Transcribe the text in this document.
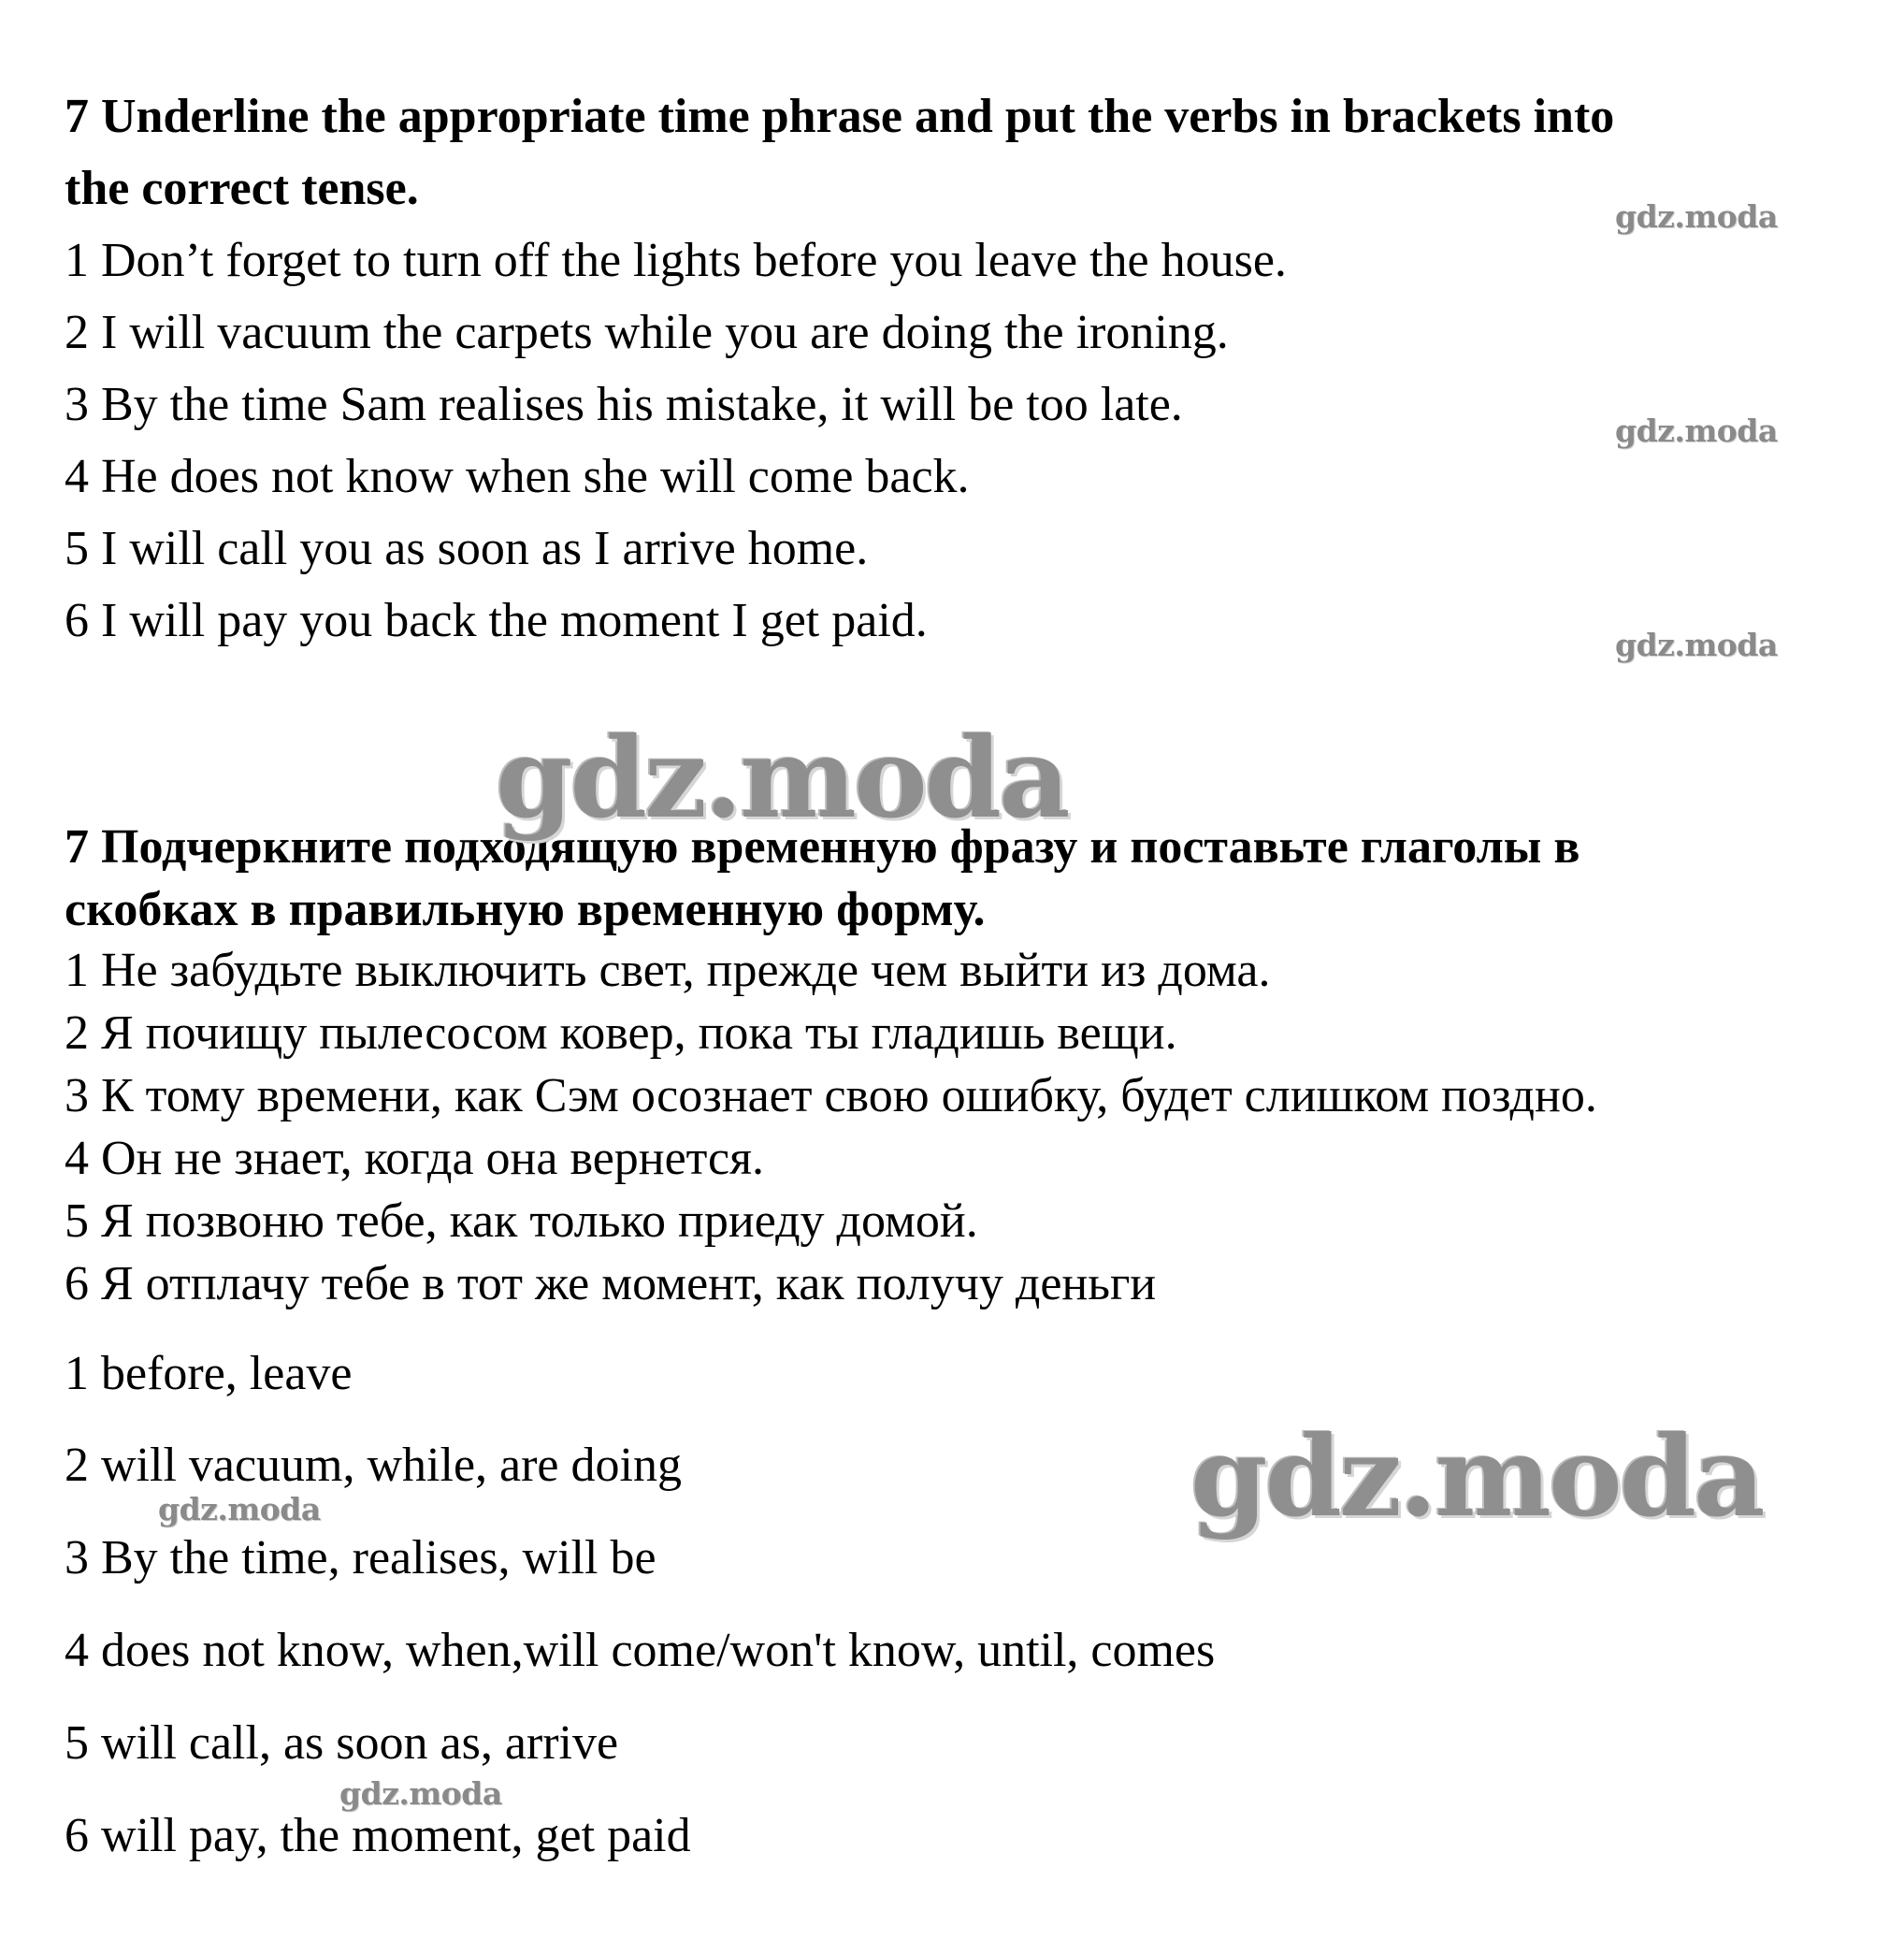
7 Underline the appropriate time phrase and put the verbs in brackets into
the correct tense.
1 Don’t forget to turn off the lights before you leave the house.
2 I will vacuum the carpets while you are doing the ironing.
3 By the time Sam realises his mistake, it will be too late.
4 He does not know when she will come back.
5 I will call you as soon as I arrive home.
6 I will pay you back the moment I get paid.
7 Подчеркните подходящую временную фразу и поставьте глаголы в
скобках в правильную временную форму.
1 Не забудьте выключить свет, прежде чем выйти из дома.
2 Я почищу пылесосом ковер, пока ты гладишь вещи.
3 К тому времени, как Сэм осознает свою ошибку, будет слишком поздно.
4 Он не знает, когда она вернется.
5 Я позвоню тебе, как только приеду домой.
6 Я отплачу тебе в тот же момент, как получу деньги
1 before, leave
2 will vacuum, while, are doing
3 By the time, realises, will be
4 does not know, when,will come/won't know, until, comes
5 will call, as soon as, arrive
6 will pay, the moment, get paid
gdz.moda
gdz.moda
gdz.moda
gdz.moda
gdz.moda
gdz.moda
gdz.moda
